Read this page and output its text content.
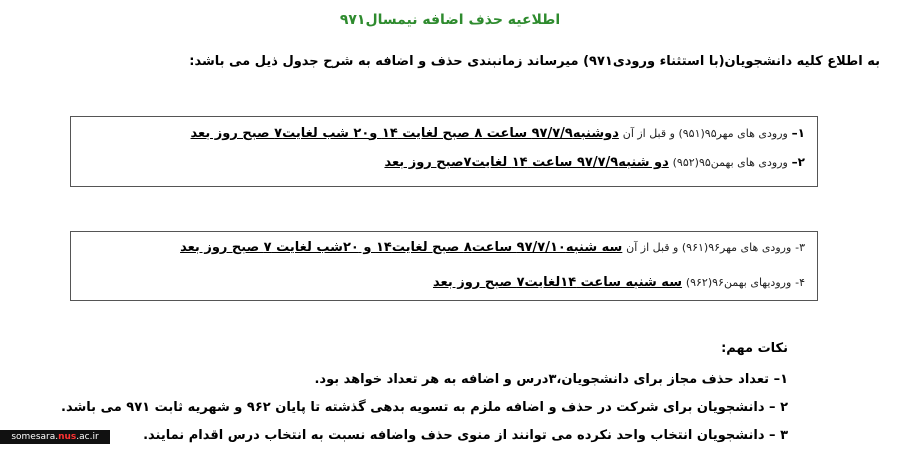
اطلاعیه حذف اضافه نیمسال۹۷۱
به اطلاع کلیه دانشجویان(با استثناء ورودی۹۷۱) میرساند زمانبندی حذف و اضافه به شرح جدول ذیل می باشد:
۱– ورودی های مهر۹۵(۹۵۱) و قبل از آن دوشنبه۹۷/۷/۹ ساعت ۸ صبح لغایت ۱۴ و۲۰ شب لغایت۷ صبح روز بعد
۲– ورودی های بهمن۹۵(۹۵۲) دو شنبه۹۷/۷/۹ ساعت ۱۴ لغایت۷صبح روز بعد
۳- ورودی های مهر۹۶(۹۶۱) و قبل از آن سه شنبه۹۷/۷/۱۰ ساعت۸ صبح لغایت۱۴ و ۲۰شب لغایت ۷ صبح روز بعد
۴- ورودیهای بهمن۹۶(۹۶۲) سه شنبه ساعت ۱۴لغایت۷ صبح روز بعد
نکات مهم:
۱– تعداد حذف مجاز برای دانشجویان،۳درس و اضافه به هر تعداد خواهد بود.
۲ – دانشجویان برای شرکت در حذف و اضافه ملزم به تسویه بدهی گذشته تا پایان ۹۶۲ و شهریه ثابت ۹۷۱ می باشد.
۳ – دانشجویان انتخاب واحد نکرده می توانند از منوی حذف واضافه نسبت به انتخاب درس اقدام نمایند.
somesara.nus.ac.ir
